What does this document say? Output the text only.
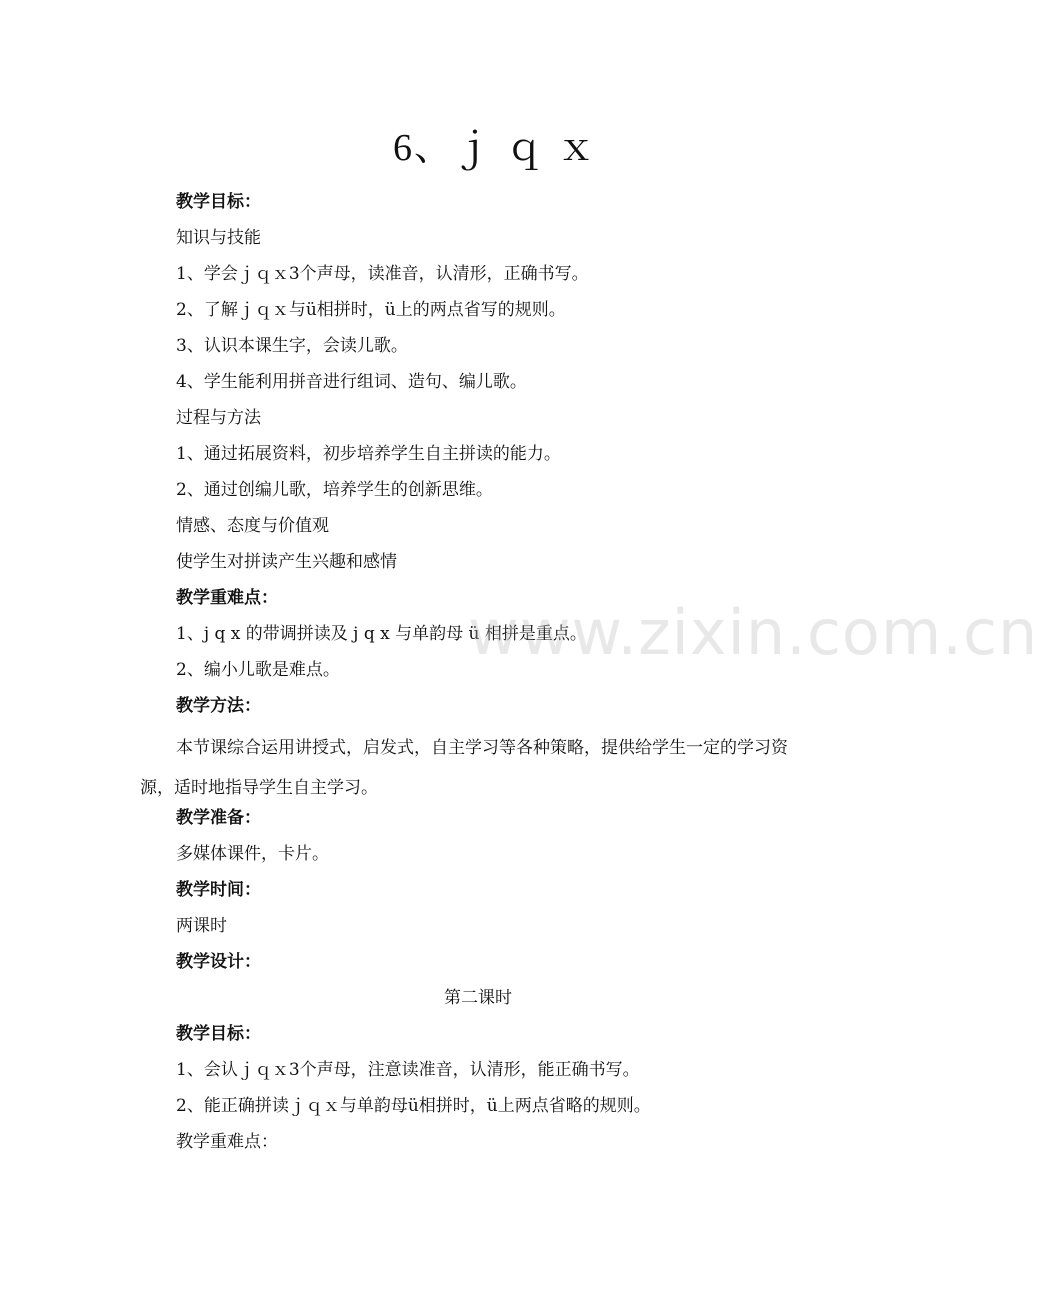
6、ｊ ｑ ｘ
教学目标：
知识与技能
1、学会ｊｑｘ3个声母，读准音，认清形，正确书写。
2、了解ｊｑｘ与ü相拼时，ü上的两点省写的规则。
3、认识本课生字，会读儿歌。
4、学生能利用拼音进行组词、造句、编儿歌。
过程与方法
1、通过拓展资料，初步培养学生自主拼读的能力。
2、通过创编儿歌，培养学生的创新思维。
情感、态度与价值观
使学生对拼读产生兴趣和感情
教学重难点：
1、j q x 的带调拼读及 j q x 与单韵母 ü 相拼是重点。
2、编小儿歌是难点。
教学方法：
本节课综合运用讲授式，启发式，自主学习等各种策略，提供给学生一定的学习资源，适时地指导学生自主学习。
教学准备：
多媒体课件，卡片。
教学时间：
两课时
教学设计：
第二课时
教学目标：
1、会认ｊｑｘ3个声母，注意读准音，认清形，能正确书写。
2、能正确拼读ｊｑｘ与单韵母ü相拼时，ü上两点省略的规则。
教学重难点：
www.zixin.com.cn
